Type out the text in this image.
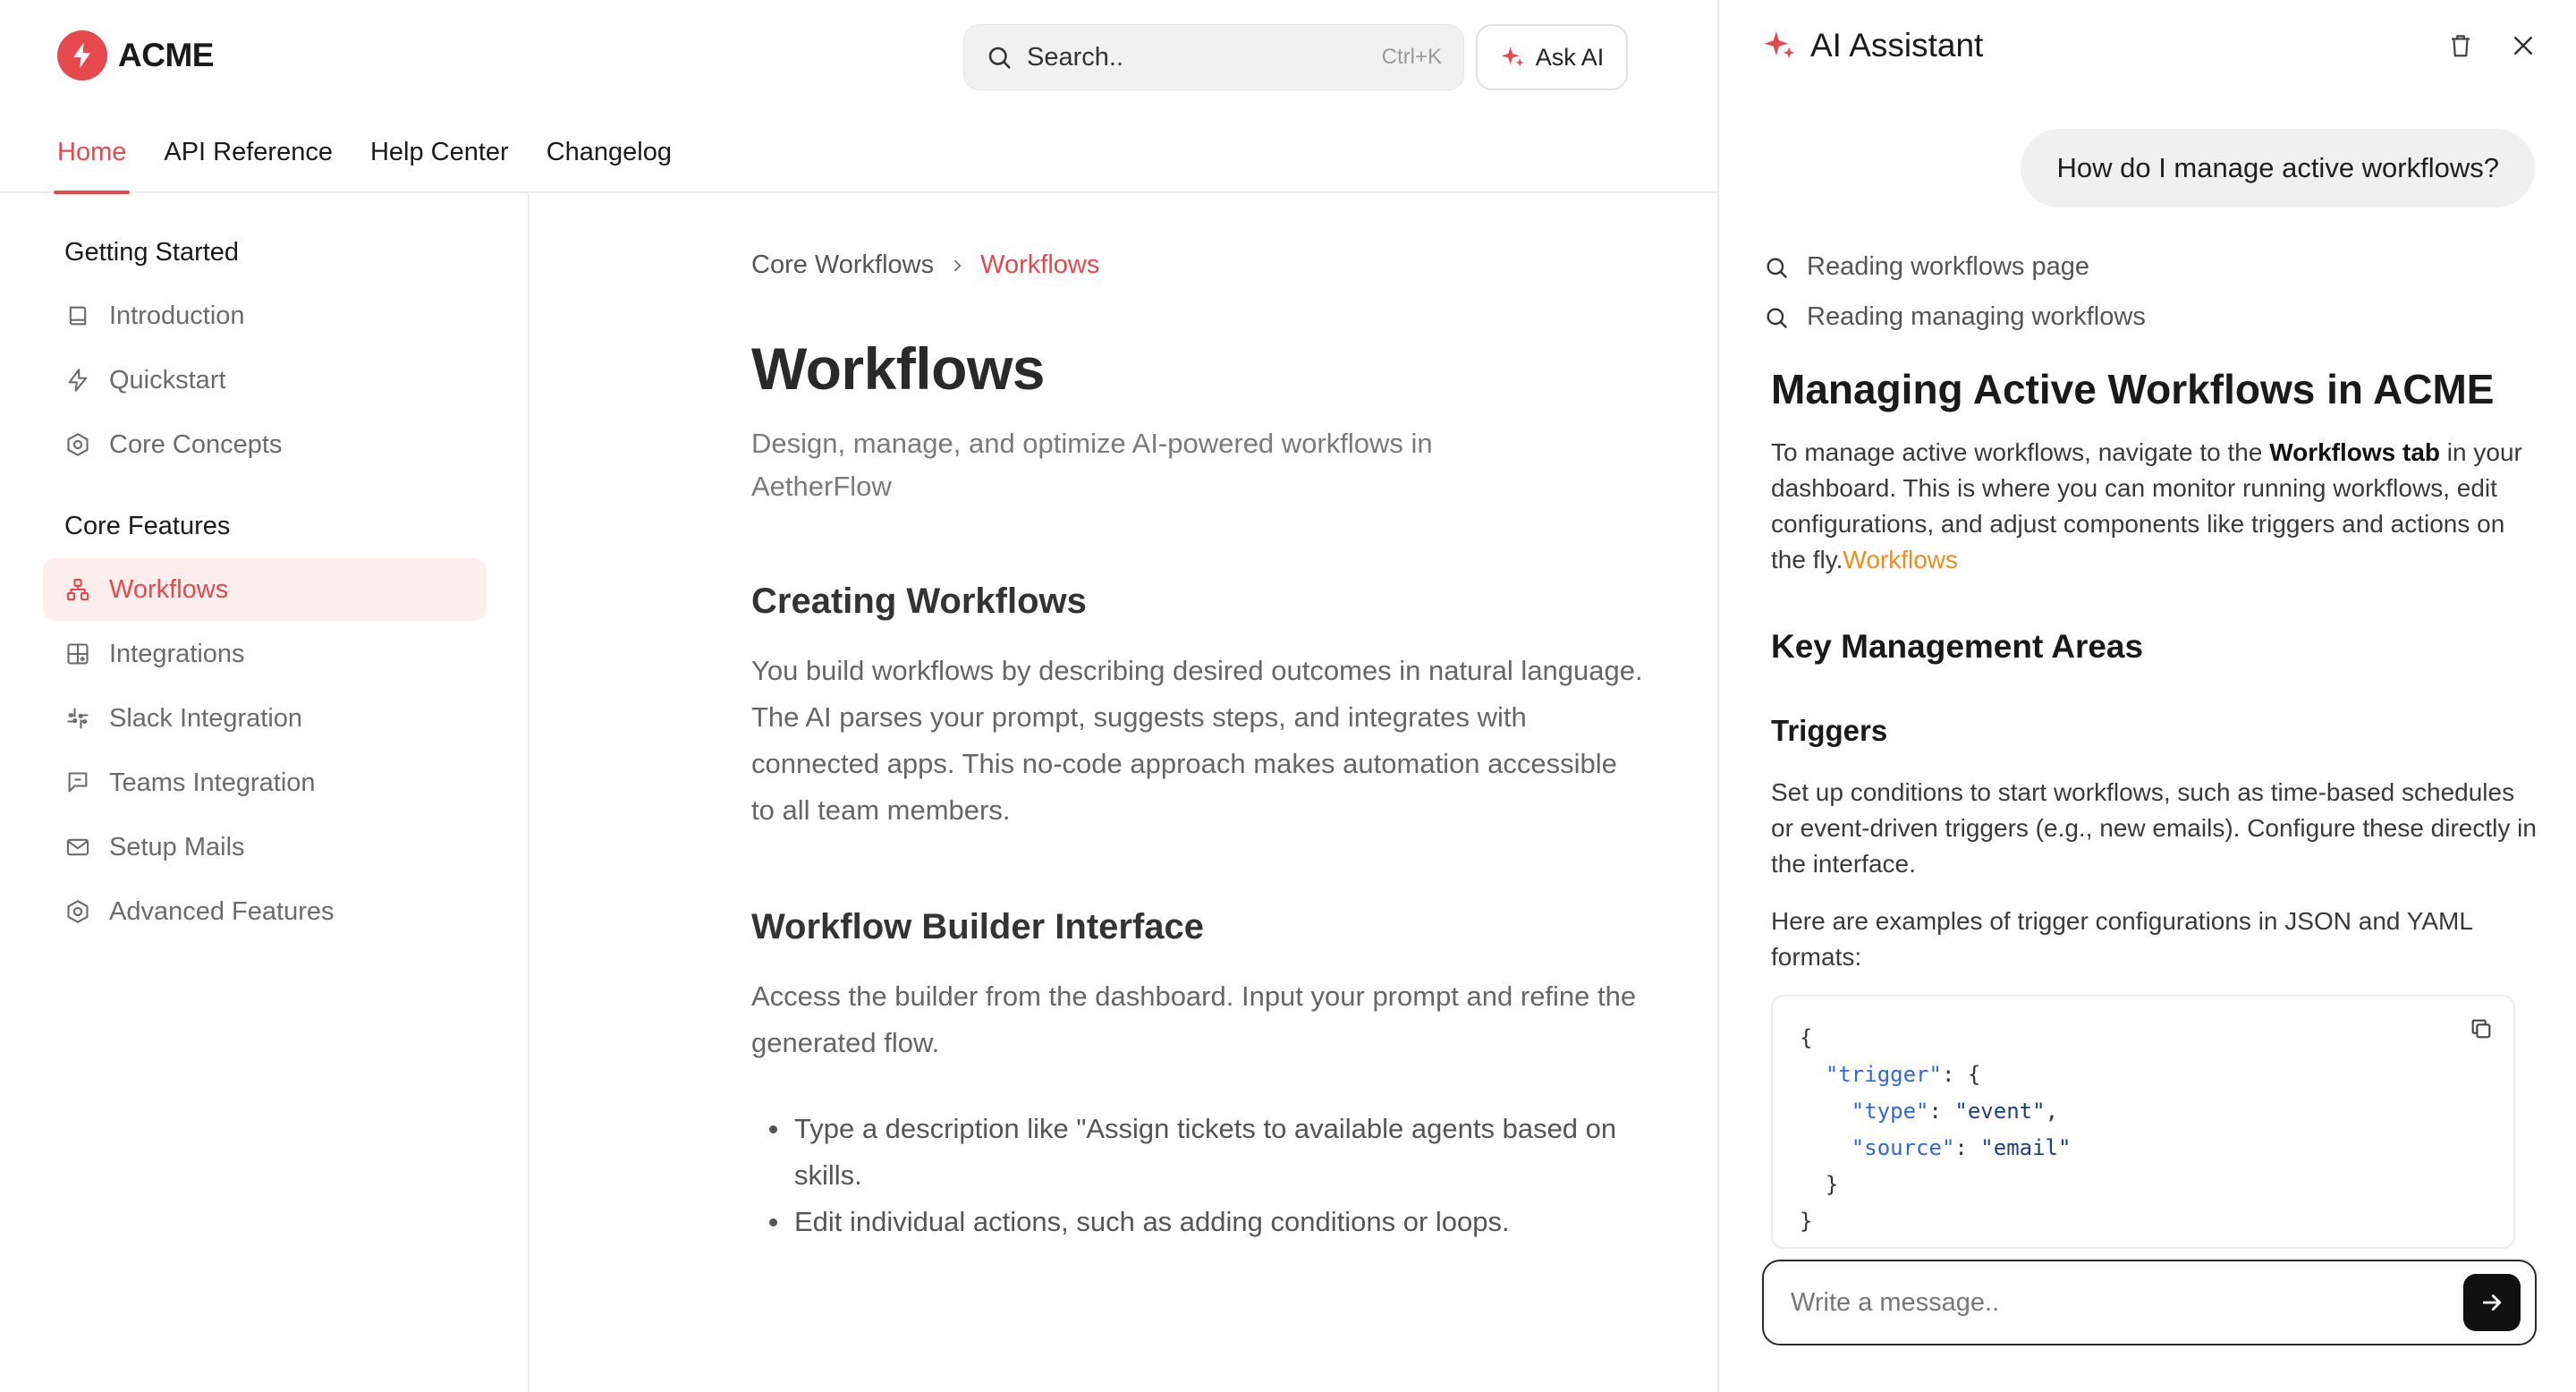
ACME	Search..	Ctrl+K	Ask AI
Home API Reference Help Center Changelog
Getting Started
Introduction
Quickstart
Core Concepts
Core Features
Workflows
Integrations
Slack Integration
Teams Integration
Setup Mails
Advanced Features
Core Workflows Workflows
Workflows

Design, manage, and optimize AI-powered workflows in AetherFlow

Creating Workflows

You build workflows by describing desired outcomes in natural language. The AI parses your prompt, suggests steps, and integrates with connected apps. This no-code approach makes automation accessible to all team members.

Workflow Builder Interface

Access the builder from the dashboard. Input your prompt and refine the generated flow.

Type a description like "Assign tickets to available agents based on skills.
Edit individual actions, such as adding conditions or loops.
AI Assistant
How do I manage active workflows?
Reading workflows page
Reading managing workflows
Managing Active Workflows in ACME

To manage active workflows, navigate to the Workflows tab in your dashboard. This is where you can monitor running workflows, edit configurations, and adjust components like triggers and actions on the fly.Workflows

Key Management Areas
Triggers

Set up conditions to start workflows, such as time-based schedules or event-driven triggers (e.g., new emails). Configure these directly in the interface.

Here are examples of trigger configurations in JSON and YAML formats:

{
"trigger": {
"type": "event",
"source": "email"
}
}
Write a message..
